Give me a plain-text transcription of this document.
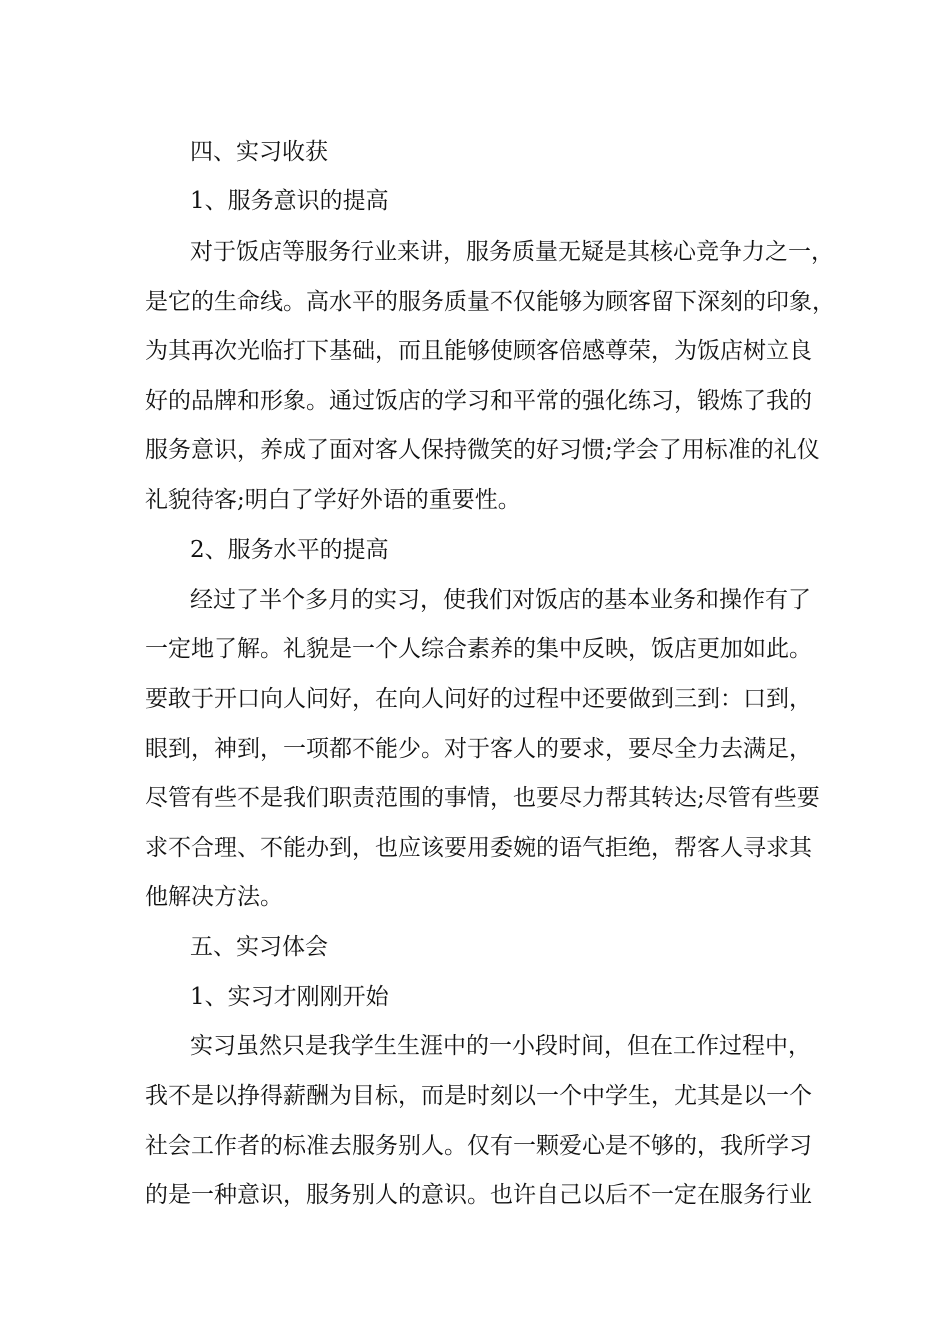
四、实习收获
1、服务意识的提高
对于饭店等服务行业来讲，服务质量无疑是其核心竞争力之一，
是它的生命线。高水平的服务质量不仅能够为顾客留下深刻的印象，
为其再次光临打下基础，而且能够使顾客倍感尊荣，为饭店树立良
好的品牌和形象。通过饭店的学习和平常的强化练习，锻炼了我的
服务意识，养成了面对客人保持微笑的好习惯;学会了用标准的礼仪
礼貌待客;明白了学好外语的重要性。
2、服务水平的提高
经过了半个多月的实习，使我们对饭店的基本业务和操作有了
一定地了解。礼貌是一个人综合素养的集中反映，饭店更加如此。
要敢于开口向人问好，在向人问好的过程中还要做到三到：口到，
眼到，神到，一项都不能少。对于客人的要求，要尽全力去满足，
尽管有些不是我们职责范围的事情，也要尽力帮其转达;尽管有些要
求不合理、不能办到，也应该要用委婉的语气拒绝，帮客人寻求其
他解决方法。
五、实习体会
1、实习才刚刚开始
实习虽然只是我学生生涯中的一小段时间，但在工作过程中，
我不是以挣得薪酬为目标，而是时刻以一个中学生，尤其是以一个
社会工作者的标准去服务别人。仅有一颗爱心是不够的，我所学习
的是一种意识，服务别人的意识。也许自己以后不一定在服务行业
